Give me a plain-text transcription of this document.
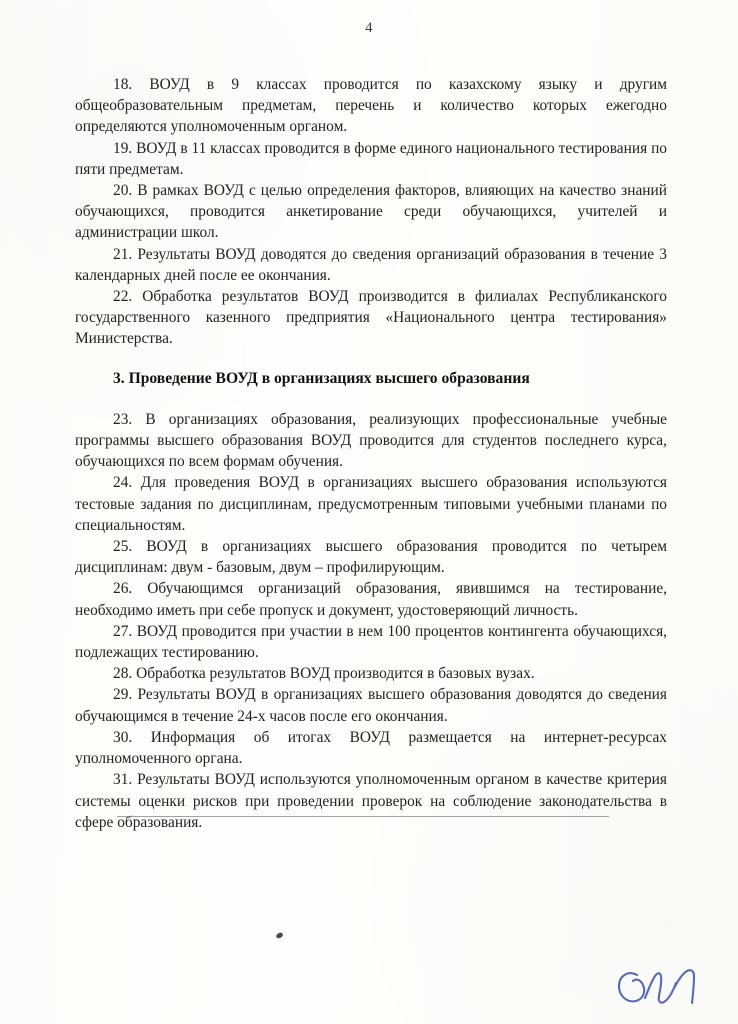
4

18. ВОУД в 9 классах проводится по казахскому языку и другим общеобразовательным предметам, перечень и количество которых ежегодно определяются уполномоченным органом.

19. ВОУД в 11 классах проводится в форме единого национального тестирования по пяти предметам.

20. В рамках ВОУД с целью определения факторов, влияющих на качество знаний обучающихся, проводится анкетирование среди обучающихся, учителей и администрации школ.

21. Результаты ВОУД доводятся до сведения организаций образования в течение 3 календарных дней после ее окончания.

22. Обработка результатов ВОУД производится в филиалах Республиканского государственного казенного предприятия «Национального центра тестирования» Министерства.

3. Проведение ВОУД в организациях высшего образования

23. В организациях образования, реализующих профессиональные учебные программы высшего образования ВОУД проводится для студентов последнего курса, обучающихся по всем формам обучения.

24. Для проведения ВОУД в организациях высшего образования используются тестовые задания по дисциплинам, предусмотренным типовыми учебными планами по специальностям.

25. ВОУД в организациях высшего образования проводится по четырем дисциплинам: двум - базовым, двум – профилирующим.

26. Обучающимся организаций образования, явившимся на тестирование, необходимо иметь при себе пропуск и документ, удостоверяющий личность.

27. ВОУД проводится при участии в нем 100 процентов контингента обучающихся, подлежащих тестированию.

28. Обработка результатов ВОУД производится в базовых вузах.

29. Результаты ВОУД в организациях высшего образования доводятся до сведения обучающимся в течение 24-х часов после его окончания.

30. Информация об итогах ВОУД размещается на интернет-ресурсах уполномоченного органа.

31. Результаты ВОУД используются уполномоченным органом в качестве критерия системы оценки рисков при проведении проверок на соблюдение законодательства в сфере образования.
